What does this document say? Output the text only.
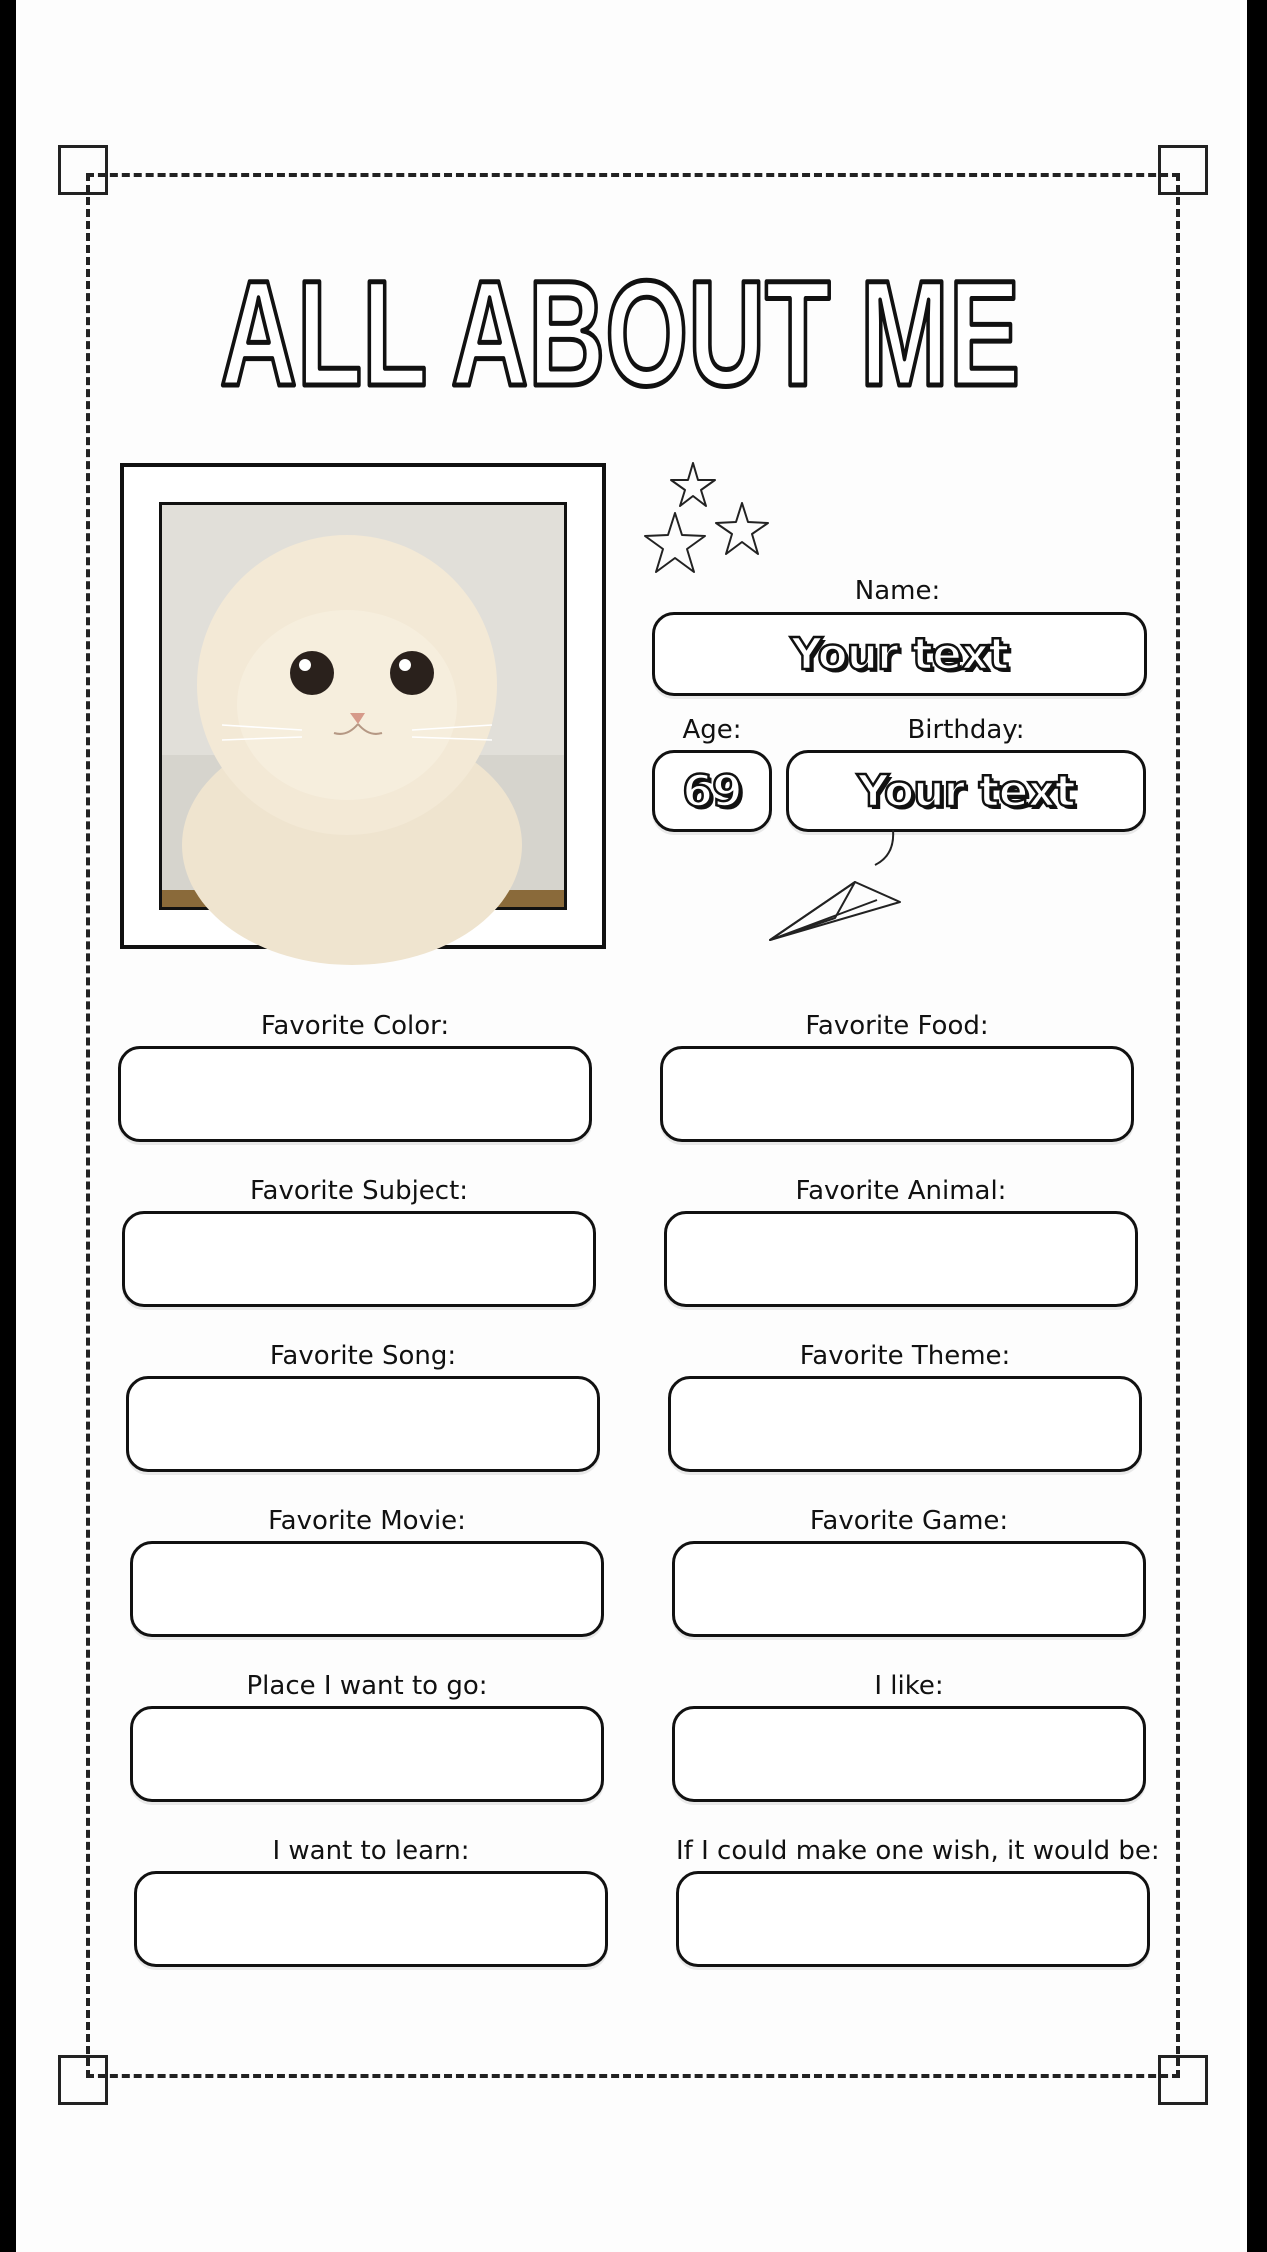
ALL ABOUT ME
Name:
Your text
Age:
69
Birthday:
Your text
Favorite Color:	Favorite Food:
Favorite Subject:	Favorite Animal:
Favorite Song:	Favorite Theme:
Favorite Movie:	Favorite Game:
Place I want to go:	I like:
I want to learn:	If I could make one wish, it would be:
